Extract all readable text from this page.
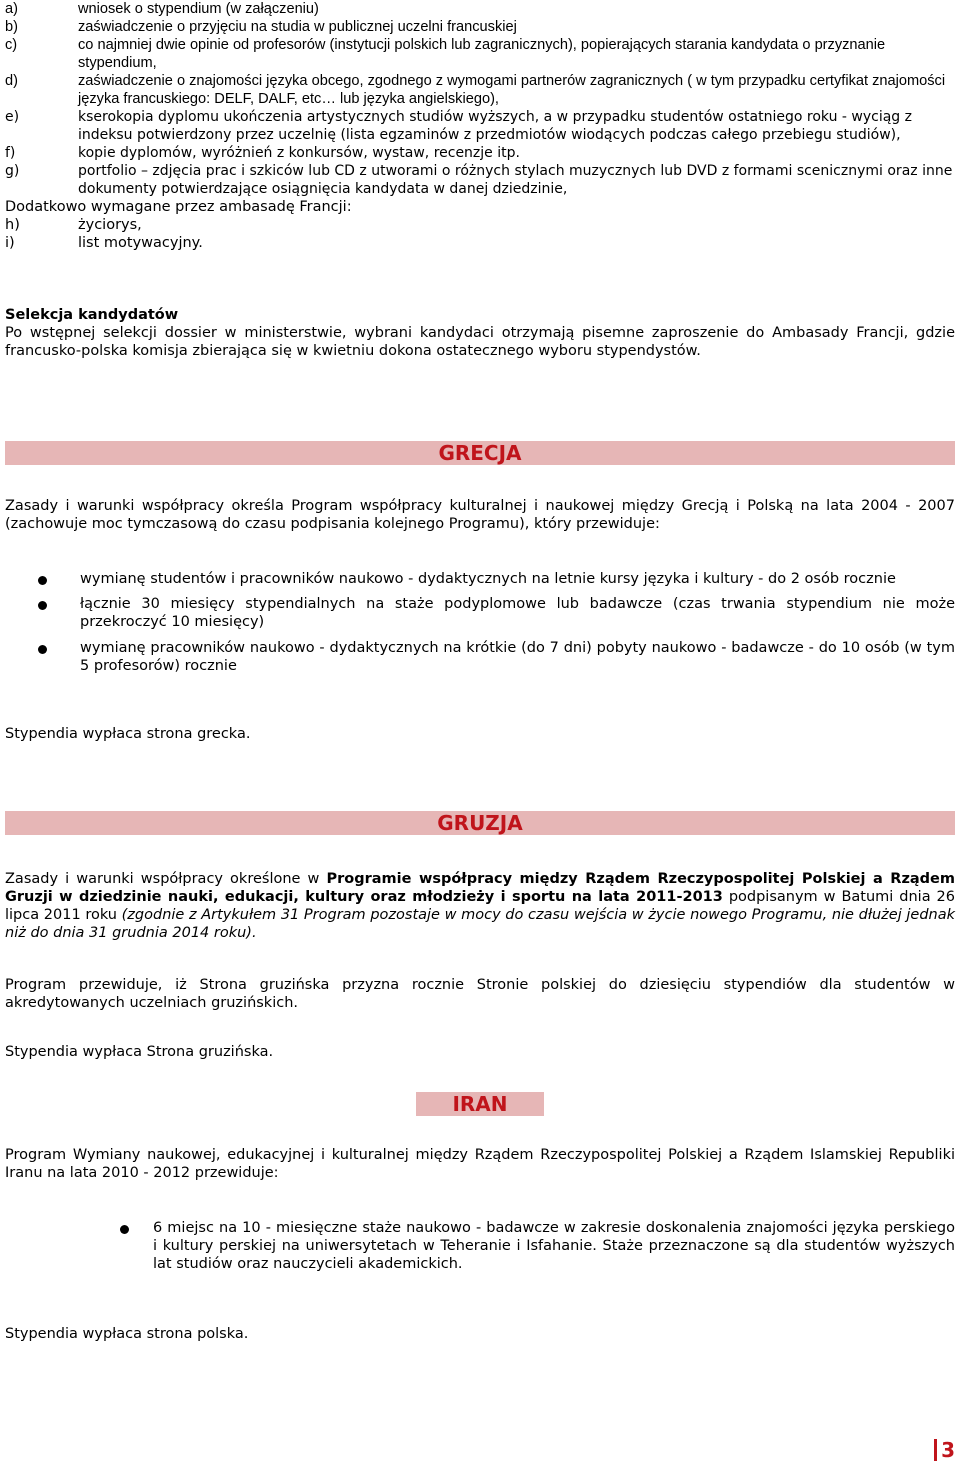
a)	wniosek o stypendium (w załączeniu)
b)	zaświadczenie o przyjęciu na studia w publicznej uczelni francuskiej
c)	co najmniej dwie opinie od profesorów (instytucji polskich lub zagranicznych), popierających starania kandydata o przyznanie stypendium,
d)	zaświadczenie o znajomości języka obcego, zgodnego z wymogami partnerów zagranicznych ( w tym przypadku certyfikat znajomości języka francuskiego: DELF, DALF, etc… lub języka angielskiego),
e)	kserokopia dyplomu ukończenia artystycznych studiów wyższych, a w przypadku studentów ostatniego roku - wyciąg z indeksu potwierdzony przez uczelnię (lista egzaminów z przedmiotów wiodących podczas całego przebiegu studiów),
f)	kopie dyplomów, wyróżnień z konkursów, wystaw, recenzje itp.
g)	portfolio – zdjęcia prac i szkiców lub CD z utworami o różnych stylach muzycznych lub DVD z formami scenicznymi oraz inne dokumenty potwierdzające osiągnięcia kandydata w danej dziedzinie,
Dodatkowo wymagane przez ambasadę Francji:
h)	życiorys,
i)	list motywacyjny.
Selekcja kandydatów

Po wstępnej selekcji dossier w ministerstwie, wybrani kandydaci otrzymają pisemne zaproszenie do Ambasady Francji, gdzie francusko-polska komisja zbierająca się w kwietniu dokona ostatecznego wyboru stypendystów.

GRECJA

Zasady i warunki współpracy określa Program współpracy kulturalnej i naukowej między Grecją i Polską na lata 2004 - 2007 (zachowuje moc tymczasową do czasu podpisania kolejnego Programu), który przewiduje:

wymianę studentów i pracowników naukowo - dydaktycznych na letnie kursy języka i kultury - do 2 osób rocznie
łącznie 30 miesięcy stypendialnych na staże podyplomowe lub badawcze (czas trwania stypendium nie może przekroczyć 10 miesięcy)
wymianę pracowników naukowo - dydaktycznych na krótkie (do 7 dni) pobyty naukowo - badawcze - do 10 osób (w tym 5 profesorów) rocznie
Stypendia wypłaca strona grecka.
GRUZJA

Zasady i warunki współpracy określone w Programie współpracy między Rządem Rzeczypospolitej Polskiej a Rządem Gruzji w dziedzinie nauki, edukacji, kultury oraz młodzieży i sportu na lata 2011-2013 podpisanym w Batumi dnia 26 lipca 2011 roku (zgodnie z Artykułem 31 Program pozostaje w mocy do czasu wejścia w życie nowego Programu, nie dłużej jednak niż do dnia 31 grudnia 2014 roku).

Program przewiduje, iż Strona gruzińska przyzna rocznie Stronie polskiej do dziesięciu stypendiów dla studentów w akredytowanych uczelniach gruzińskich.

Stypendia wypłaca Strona gruzińska.
IRAN

Program Wymiany naukowej, edukacyjnej i kulturalnej między Rządem Rzeczypospolitej Polskiej a Rządem Islamskiej Republiki Iranu na lata 2010 - 2012 przewiduje:

6 miejsc na 10 - miesięczne staże naukowo - badawcze w zakresie doskonalenia znajomości języka perskiego i kultury perskiej na uniwersytetach w Teheranie i Isfahanie. Staże przeznaczone są dla studentów wyższych lat studiów oraz nauczycieli akademickich.
Stypendia wypłaca strona polska.
3
